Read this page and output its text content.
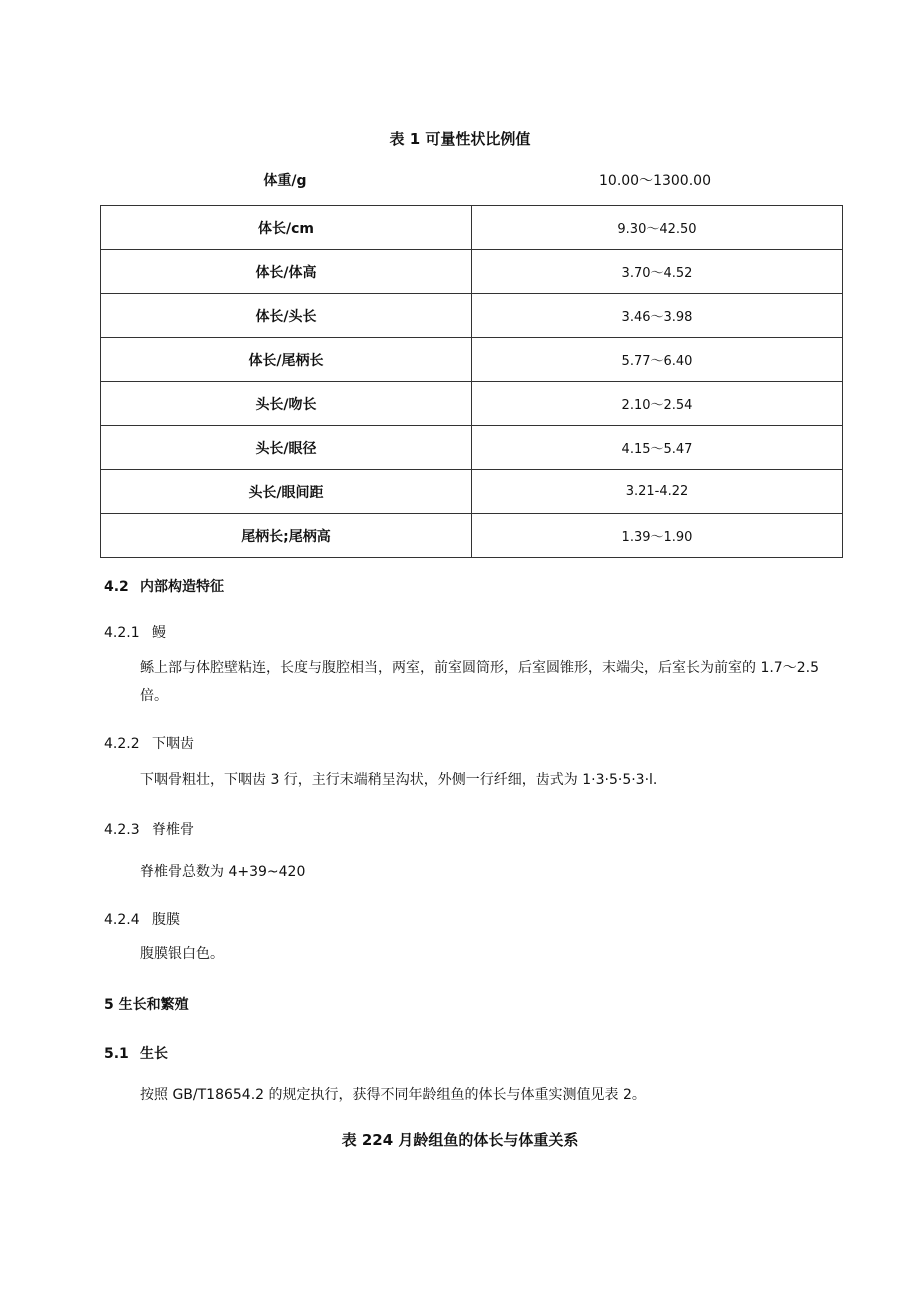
表 1 可量性状比例值
体重/g	10.00～1300.00
体长/cm	9.30～42.50
体长/体高	3.70～4.52
体长/头长	3.46～3.98
体长/尾柄长	5.77～6.40
头长/吻长	2.10～2.54
头长/眼径	4.15～5.47
头长/眼间距	3.21-4.22
尾柄长;尾柄高	1.39～1.90
4.2 内部构造特征
4.2.1 鳗
鲧上部与体腔壁粘连，长度与腹腔相当，两室，前室圆筒形，后室圆锥形，末端尖，后室长为前室的 1.7～2.5 倍。
4.2.2 下咽齿
下咽骨粗壮，下咽齿 3 行，主行末端稍呈沟状，外侧一行纤细，齿式为 1·3·5·5·3·l.
4.2.3 脊椎骨
脊椎骨总数为 4+39~420
4.2.4 腹膜
腹膜银白色。
5 生长和繁殖
5.1 生长
按照 GB/T18654.2 的规定执行，获得不同年龄组鱼的体长与体重实测值见表 2。
表 224 月龄组鱼的体长与体重关系
